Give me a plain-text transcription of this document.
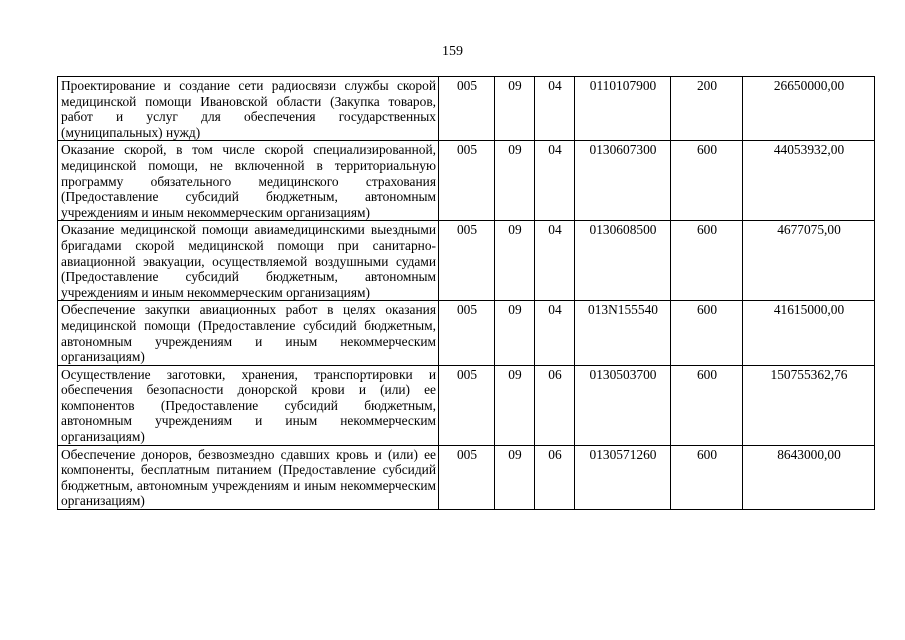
159
Проектирование и создание сети радиосвязи службы скорой медицинской помощи Ивановской области (Закупка товаров, работ и услуг для обеспечения государственных (муниципальных) нужд)	005	09	04	0110107900	200	26650000,00
Оказание скорой, в том числе скорой специализированной, медицинской помощи, не включенной в территориальную программу обязательного медицинского страхования (Предоставление субсидий бюджетным, автономным учреждениям и иным некоммерческим организациям)	005	09	04	0130607300	600	44053932,00
Оказание медицинской помощи авиамедицинскими выездными бригадами скорой медицинской помощи при санитарно-авиационной эвакуации, осуществляемой воздушными судами (Предоставление субсидий бюджетным, автономным учреждениям и иным некоммерческим организациям)	005	09	04	0130608500	600	4677075,00
Обеспечение закупки авиационных работ в целях оказания медицинской помощи (Предоставление субсидий бюджетным, автономным учреждениям и иным некоммерческим организациям)	005	09	04	013N155540	600	41615000,00
Осуществление заготовки, хранения, транспортировки и обеспечения безопасности донорской крови и (или) ее компонентов (Предоставление субсидий бюджетным, автономным учреждениям и иным некоммерческим организациям)	005	09	06	0130503700	600	150755362,76
Обеспечение доноров, безвозмездно сдавших кровь и (или) ее компоненты, бесплатным питанием (Предоставление субсидий бюджетным, автономным учреждениям и иным некоммерческим организациям)	005	09	06	0130571260	600	8643000,00
